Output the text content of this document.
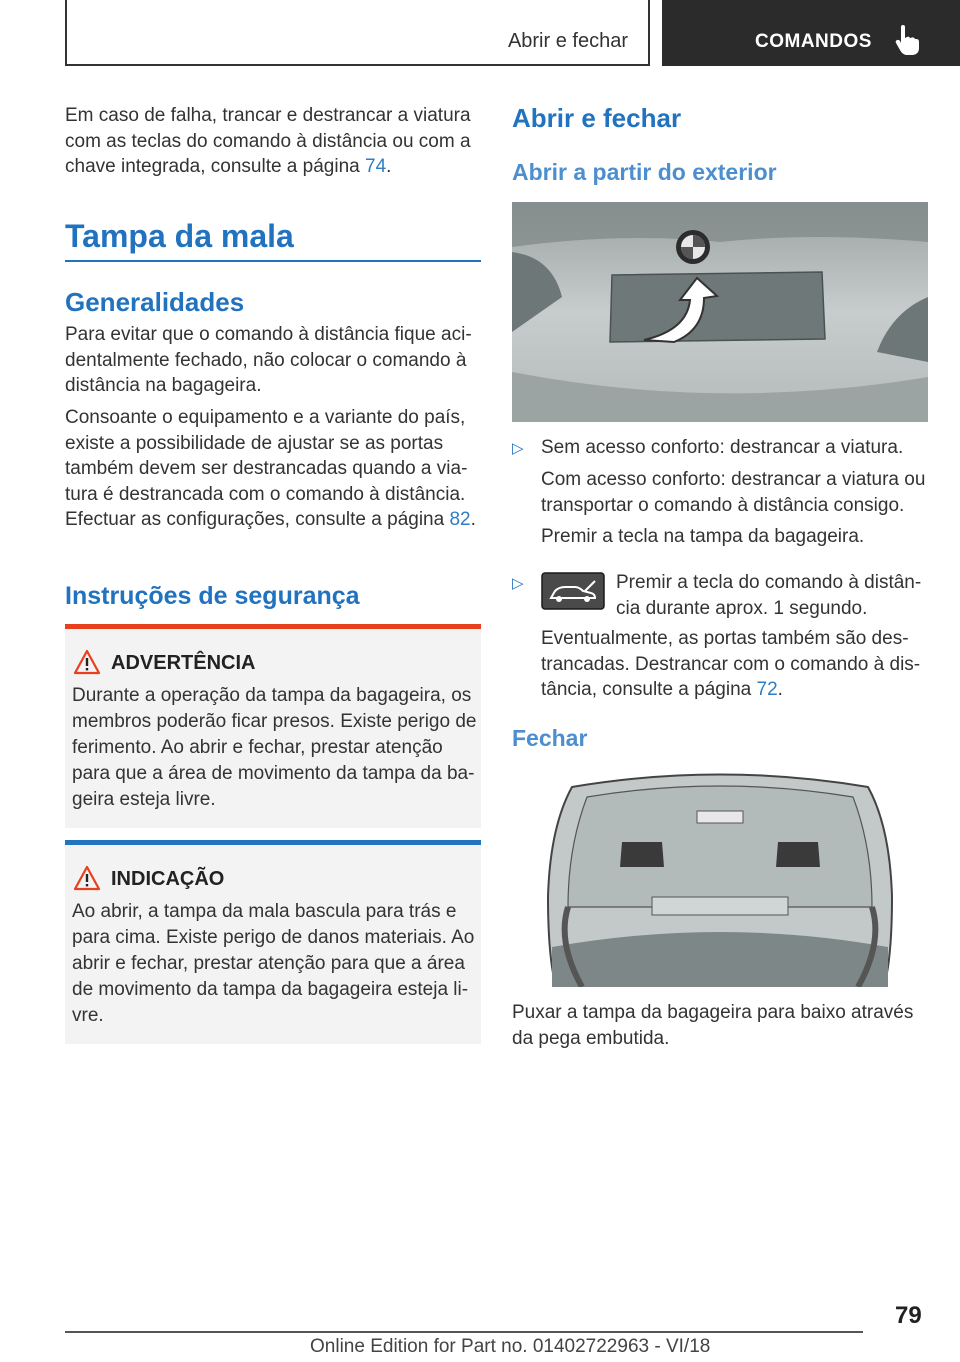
Abrir e fechar	COMANDOS

Em caso de falha, trancar e destrancar a viatura com as teclas do comando à distância ou com a chave integrada, consulte a página 74.

Tampa da mala
Generalidades

Para evitar que o comando à distância fique acidentalmente fechado, não colocar o comando à distância na bagageira.

Consoante o equipamento e a variante do país, existe a possibilidade de ajustar se as portas também devem ser destrancadas quando a viatura é destrancada com o comando à distância. Efectuar as configurações, consulte a página 82.

Instruções de segurança
ADVERTÊNCIA
Durante a operação da tampa da bagageira, os membros poderão ficar presos. Existe perigo de ferimento. Ao abrir e fechar, prestar atenção para que a área de movimento da tampa da bageira esteja livre.
INDICAÇÃO
Ao abrir, a tampa da mala bascula para trás e para cima. Existe perigo de danos materiais. Ao abrir e fechar, prestar atenção para que a área de movimento da tampa da bagageira esteja livre.
Abrir e fechar
Abrir a partir do exterior
▷ Sem acesso conforto: destrancar a viatura.

Com acesso conforto: destrancar a viatura ou transportar o comando à distância consigo.

Premir a tecla na tampa da bagageira.

▷	Premir a tecla do comando à distância durante aprox. 1 segundo.

Eventualmente, as portas também são destrancadas. Destrancar com o comando à distância, consulte a página 72.

Fechar

Puxar a tampa da bagageira para baixo através da pega embutida.

79
Online Edition for Part no. 01402722963 - VI/18
